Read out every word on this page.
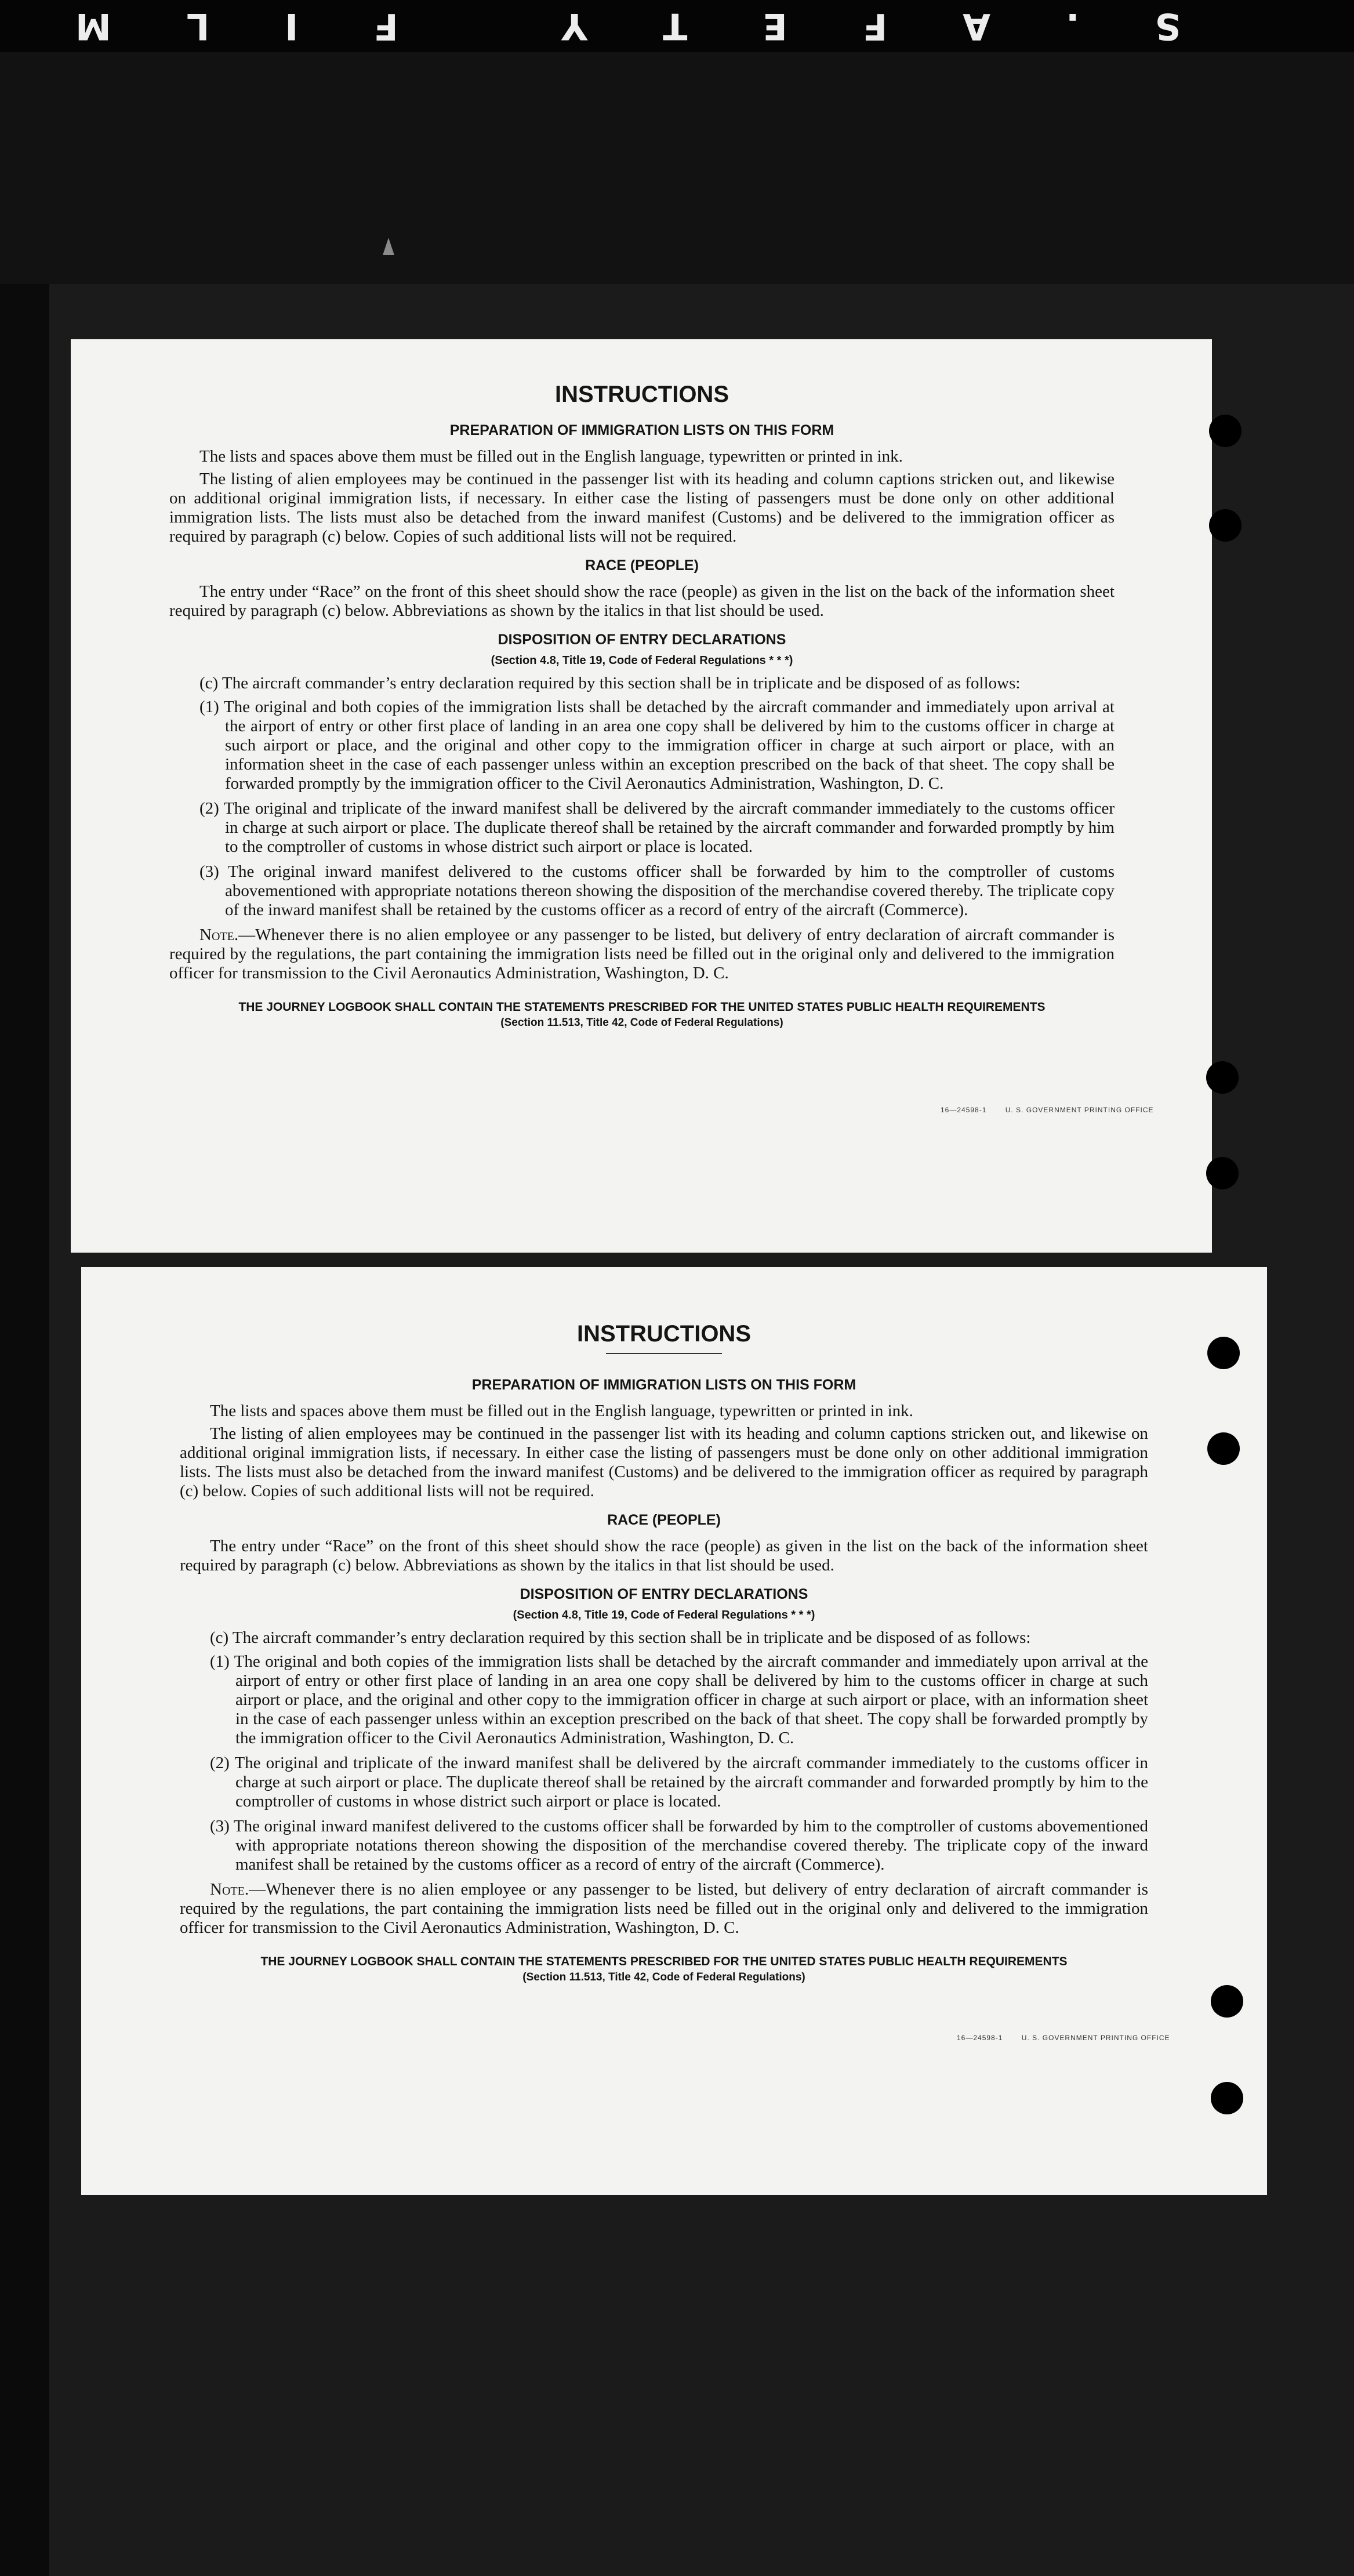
S.AFETY FILM
INSTRUCTIONS
PREPARATION OF IMMIGRATION LISTS ON THIS FORM

The lists and spaces above them must be filled out in the English language, typewritten or printed in ink.

The listing of alien employees may be continued in the passenger list with its heading and column captions stricken out, and likewise on additional original immigration lists, if necessary. In either case the listing of passengers must be done only on other additional immigration lists. The lists must also be detached from the inward manifest (Customs) and be delivered to the immigration officer as required by paragraph (c) below. Copies of such additional lists will not be required.

RACE (PEOPLE)

The entry under “Race” on the front of this sheet should show the race (people) as given in the list on the back of the information sheet required by paragraph (c) below. Abbreviations as shown by the italics in that list should be used.

DISPOSITION OF ENTRY DECLARATIONS
(Section 4.8, Title 19, Code of Federal Regulations * * *)

(c) The aircraft commander’s entry declaration required by this section shall be in triplicate and be disposed of as follows:

(1) The original and both copies of the immigration lists shall be detached by the aircraft commander and immediately upon arrival at the airport of entry or other first place of landing in an area one copy shall be delivered by him to the customs officer in charge at such airport or place, and the original and other copy to the immigration officer in charge at such airport or place, with an information sheet in the case of each passenger unless within an exception prescribed on the back of that sheet. The copy shall be forwarded promptly by the immigration officer to the Civil Aeronautics Administration, Washington, D. C.

(2) The original and triplicate of the inward manifest shall be delivered by the aircraft commander immediately to the customs officer in charge at such airport or place. The duplicate thereof shall be retained by the aircraft commander and forwarded promptly by him to the comptroller of customs in whose district such airport or place is located.

(3) The original inward manifest delivered to the customs officer shall be forwarded by him to the comptroller of customs abovementioned with appropriate notations thereon showing the disposition of the merchandise covered thereby. The triplicate copy of the inward manifest shall be retained by the customs officer as a record of entry of the aircraft (Commerce).

Note.—Whenever there is no alien employee or any passenger to be listed, but delivery of entry declaration of aircraft commander is required by the regulations, the part containing the immigration lists need be filled out in the original only and delivered to the immigration officer for transmission to the Civil Aeronautics Administration, Washington, D. C.

THE JOURNEY LOGBOOK SHALL CONTAIN THE STATEMENTS PRESCRIBED FOR THE UNITED STATES PUBLIC HEALTH REQUIREMENTS
(Section 11.513, Title 42, Code of Federal Regulations)
16—24598-1	U. S. GOVERNMENT PRINTING OFFICE
INSTRUCTIONS
PREPARATION OF IMMIGRATION LISTS ON THIS FORM

The lists and spaces above them must be filled out in the English language, typewritten or printed in ink.

The listing of alien employees may be continued in the passenger list with its heading and column captions stricken out, and likewise on additional original immigration lists, if necessary. In either case the listing of passengers must be done only on other additional immigration lists. The lists must also be detached from the inward manifest (Customs) and be delivered to the immigration officer as required by paragraph (c) below. Copies of such additional lists will not be required.

RACE (PEOPLE)

The entry under “Race” on the front of this sheet should show the race (people) as given in the list on the back of the information sheet required by paragraph (c) below. Abbreviations as shown by the italics in that list should be used.

DISPOSITION OF ENTRY DECLARATIONS
(Section 4.8, Title 19, Code of Federal Regulations * * *)

(c) The aircraft commander’s entry declaration required by this section shall be in triplicate and be disposed of as follows:

(1) The original and both copies of the immigration lists shall be detached by the aircraft commander and immediately upon arrival at the airport of entry or other first place of landing in an area one copy shall be delivered by him to the customs officer in charge at such airport or place, and the original and other copy to the immigration officer in charge at such airport or place, with an information sheet in the case of each passenger unless within an exception prescribed on the back of that sheet. The copy shall be forwarded promptly by the immigration officer to the Civil Aeronautics Administration, Washington, D. C.

(2) The original and triplicate of the inward manifest shall be delivered by the aircraft commander immediately to the customs officer in charge at such airport or place. The duplicate thereof shall be retained by the aircraft commander and forwarded promptly by him to the comptroller of customs in whose district such airport or place is located.

(3) The original inward manifest delivered to the customs officer shall be forwarded by him to the comptroller of customs abovementioned with appropriate notations thereon showing the disposition of the merchandise covered thereby. The triplicate copy of the inward manifest shall be retained by the customs officer as a record of entry of the aircraft (Commerce).

Note.—Whenever there is no alien employee or any passenger to be listed, but delivery of entry declaration of aircraft commander is required by the regulations, the part containing the immigration lists need be filled out in the original only and delivered to the immigration officer for transmission to the Civil Aeronautics Administration, Washington, D. C.

THE JOURNEY LOGBOOK SHALL CONTAIN THE STATEMENTS PRESCRIBED FOR THE UNITED STATES PUBLIC HEALTH REQUIREMENTS
(Section 11.513, Title 42, Code of Federal Regulations)
16—24598-1	U. S. GOVERNMENT PRINTING OFFICE
